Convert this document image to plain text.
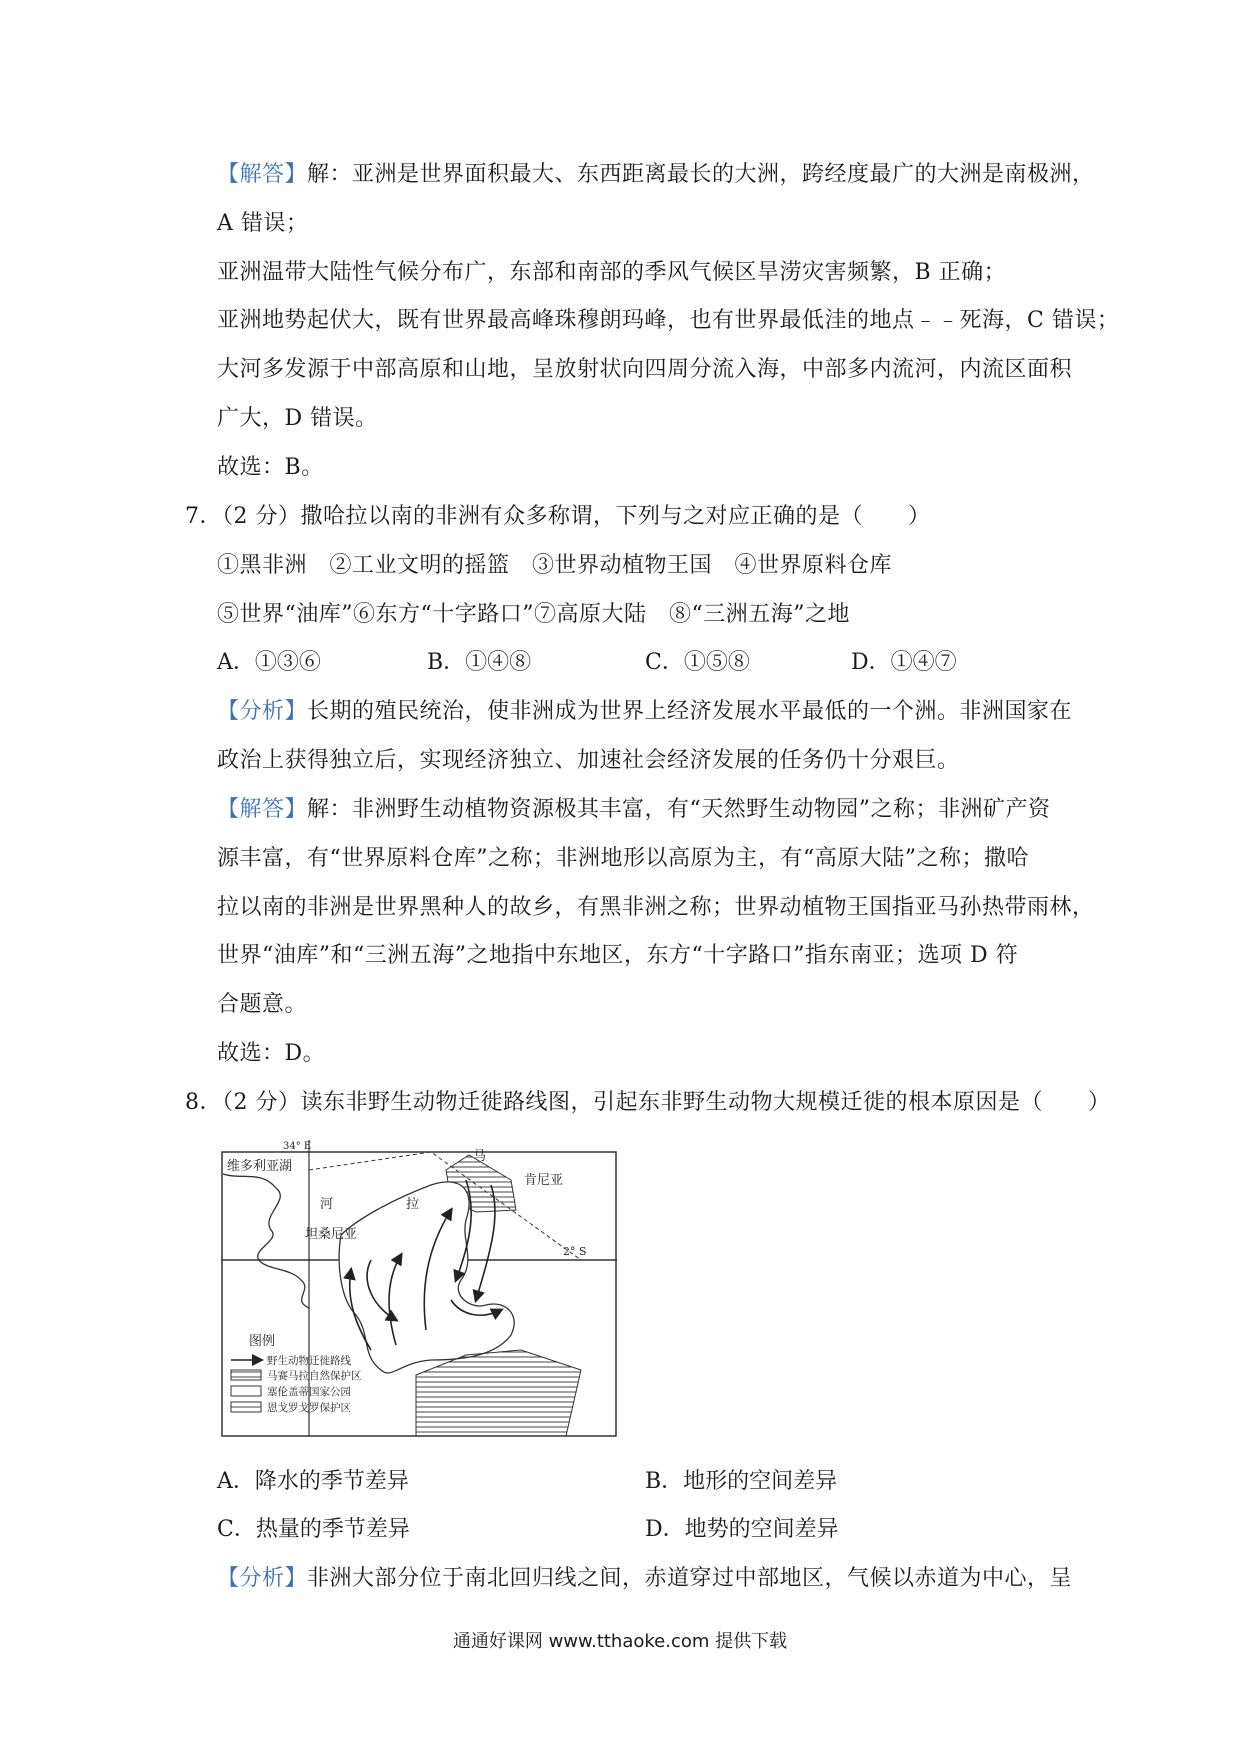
【解答】解：亚洲是世界面积最大、东西距离最长的大洲，跨经度最广的大洲是南极洲，
A 错误；
亚洲温带大陆性气候分布广，东部和南部的季风气候区旱涝灾害频繁，B 正确；
亚洲地势起伏大，既有世界最高峰珠穆朗玛峰，也有世界最低洼的地点﹣﹣死海，C 错误；
大河多发源于中部高原和山地，呈放射状向四周分流入海，中部多内流河，内流区面积
广大，D 错误。
故选：B。
7．（2 分）撒哈拉以南的非洲有众多称谓，下列与之对应正确的是（　　）
①黑非洲　②工业文明的摇篮　③世界动植物王国　④世界原料仓库
⑤世界“油库”⑥东方“十字路口”⑦高原大陆　⑧“三洲五海”之地
A．①③⑥	B．①④⑧	C．①⑤⑧	D．①④⑦
【分析】长期的殖民统治，使非洲成为世界上经济发展水平最低的一个洲。非洲国家在
政治上获得独立后，实现经济独立、加速社会经济发展的任务仍十分艰巨。
【解答】解：非洲野生动植物资源极其丰富，有“天然野生动物园”之称；非洲矿产资
源丰富，有“世界原料仓库”之称；非洲地形以高原为主，有“高原大陆”之称；撒哈
拉以南的非洲是世界黑种人的故乡，有黑非洲之称；世界动植物王国指亚马孙热带雨林，
世界“油库”和“三洲五海”之地指中东地区，东方“十字路口”指东南亚；选项 D 符
合题意。
故选：D。
8．（2 分）读东非野生动物迁徙路线图，引起东非野生动物大规模迁徙的根本原因是（　　）
34° E
维多利亚湖
肯尼亚
马
河	拉
坦桑尼亚
2° S
图例
野生动物迁徙路线
马赛马拉自然保护区
塞伦盖蒂国家公园
恩戈罗戈罗保护区
A．降水的季节差异	B．地形的空间差异
C．热量的季节差异	D．地势的空间差异
【分析】非洲大部分位于南北回归线之间，赤道穿过中部地区，气候以赤道为中心，呈
通通好课网 www.tthaoke.com 提供下载
